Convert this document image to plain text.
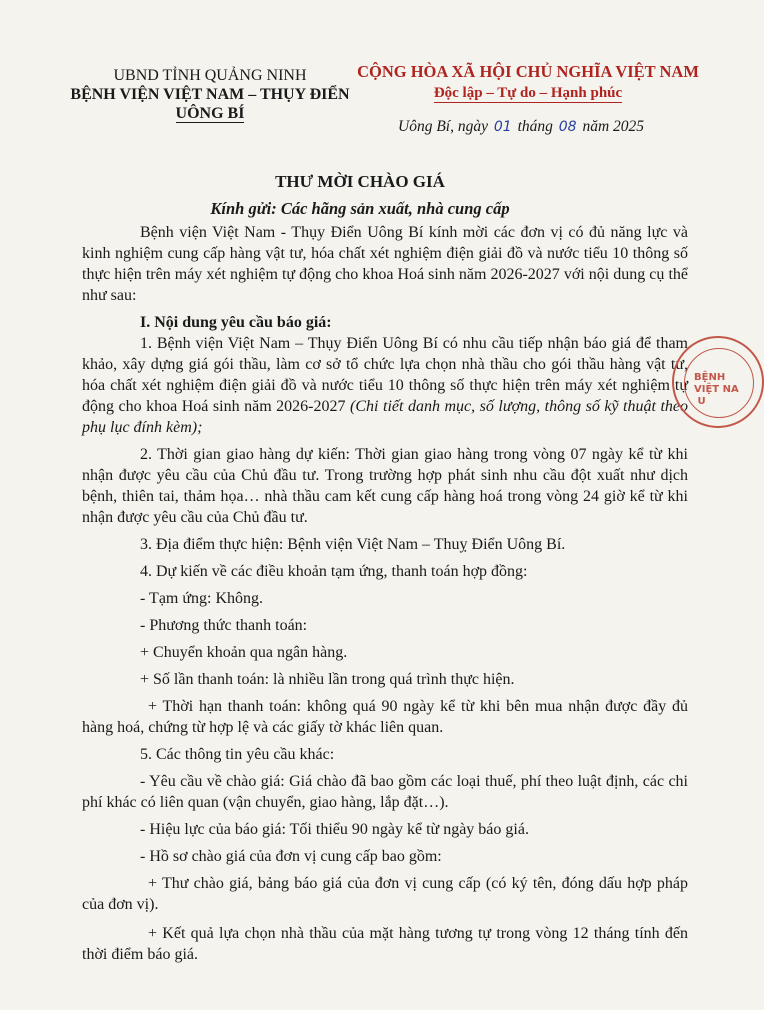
UBND TỈNH QUẢNG NINH
BỆNH VIỆN VIỆT NAM – THỤY ĐIỂN
UÔNG BÍ
CỘNG HÒA XÃ HỘI CHỦ NGHĨA VIỆT NAM
Độc lập – Tự do – Hạnh phúc
Uông Bí, ngày 01 tháng 08 năm 2025
THƯ MỜI CHÀO GIÁ
Kính gửi: Các hãng sản xuất, nhà cung cấp

Bệnh viện Việt Nam - Thụy Điển Uông Bí kính mời các đơn vị có đủ năng lực và kinh nghiệm cung cấp hàng vật tư, hóa chất xét nghiệm điện giải đồ và nước tiểu 10 thông số thực hiện trên máy xét nghiệm tự động cho khoa Hoá sinh năm 2026-2027 với nội dung cụ thể như sau:

I. Nội dung yêu cầu báo giá:

1. Bệnh viện Việt Nam – Thụy Điển Uông Bí có nhu cầu tiếp nhận báo giá để tham khảo, xây dựng giá gói thầu, làm cơ sở tổ chức lựa chọn nhà thầu cho gói thầu hàng vật tư, hóa chất xét nghiệm điện giải đồ và nước tiểu 10 thông số thực hiện trên máy xét nghiệm tự động cho khoa Hoá sinh năm 2026-2027 (Chi tiết danh mục, số lượng, thông số kỹ thuật theo phụ lục đính kèm);

2. Thời gian giao hàng dự kiến: Thời gian giao hàng trong vòng 07 ngày kể từ khi nhận được yêu cầu của Chủ đầu tư. Trong trường hợp phát sinh nhu cầu đột xuất như dịch bệnh, thiên tai, thảm họa… nhà thầu cam kết cung cấp hàng hoá trong vòng 24 giờ kể từ khi nhận được yêu cầu của Chủ đầu tư.

3. Địa điểm thực hiện: Bệnh viện Việt Nam – Thuỵ Điển Uông Bí.

4. Dự kiến về các điều khoản tạm ứng, thanh toán hợp đồng:

- Tạm ứng: Không.

- Phương thức thanh toán:

+ Chuyển khoản qua ngân hàng.

+ Số lần thanh toán: là nhiều lần trong quá trình thực hiện.

+ Thời hạn thanh toán: không quá 90 ngày kể từ khi bên mua nhận được đầy đủ hàng hoá, chứng từ hợp lệ và các giấy tờ khác liên quan.

5. Các thông tin yêu cầu khác:

- Yêu cầu về chào giá: Giá chào đã bao gồm các loại thuế, phí theo luật định, các chi phí khác có liên quan (vận chuyển, giao hàng, lắp đặt…).

- Hiệu lực của báo giá: Tối thiểu 90 ngày kể từ ngày báo giá.

- Hồ sơ chào giá của đơn vị cung cấp bao gồm:

+ Thư chào giá, bảng báo giá của đơn vị cung cấp (có ký tên, đóng dấu hợp pháp của đơn vị).

+ Kết quả lựa chọn nhà thầu của mặt hàng tương tự trong vòng 12 tháng tính đến thời điểm báo giá.

BỆNH
VIỆT NA
U
